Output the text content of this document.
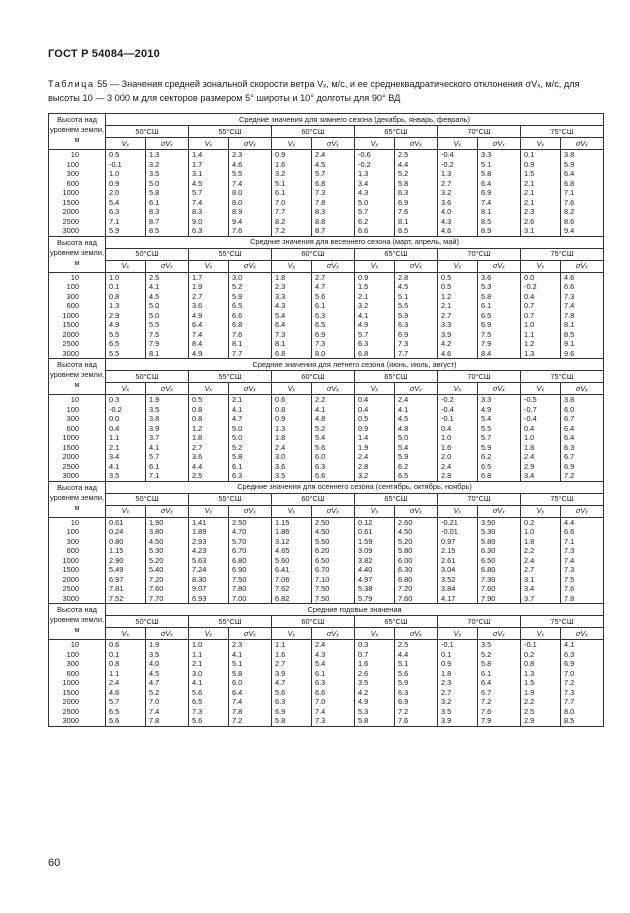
ГОСТ Р 54084—2010
Таблица 55 — Значения средней зональной скорости ветра Vₓ, м/с, и ее среднеквадратического отклонения σVₓ, м/с, для высоты 10 — 3 000 м для секторов размером 5° широты и 10° долготы для 90° ВД
Высота над уровнем земли, м	Средние значения для зимнего сезона (декабрь, январь, февраль)											
	50°СШ		55°СШ		60°СШ		65°СШ		70°СШ		75°СШ	
	Vₓ	σVₓ	Vₓ	σVₓ	Vₓ	σVₓ	Vₓ	σVₓ	Vₓ	σVₓ	Vₓ	σVₓ
10	0.5	1.3	1.4	2.3	0.9	2.4	-0.6	2.5	-0.4	3.3	0.1	3.8
100	-0.1	3.2	1.7	4.6	1.6	4.5	-0.2	4.4	-0.2	5.1	0.9	5.9
300	1.0	3.5	3.1	5.5	3.2	5.7	1.3	5.2	1.3	5.8	1.5	6.4
600	0.9	5.0	4.5	7.4	5.1	6.8	3.4	5.8	2.7	6.4	2.1	6.8
1000	2.0	5.8	5.7	8.0	6.1	7.3	4.3	6.3	3.2	6.9	2.1	7.1
1500	5.4	6.1	7.4	8.0	7.0	7.8	5.0	6.9	3.6	7.4	2.1	7.6
2000	6.3	8.3	8.3	8.9	7.7	8.3	5.7	7.6	4.0	8.1	2.3	8.2
2500	7.1	8.7	9.0	9.4	8.2	8.8	6.2	8.1	4.3	8.5	2.6	8.6
3000	5.9	8.5	6.3	7.6	7.2	8.7	6.6	8.5	4.6	8.9	3.1	9.4
Высота над уровнем земли, м	Средние значения для весеннего сезона (март, апрель, май)											
	50°СШ		55°СШ		60°СШ		65°СШ		70°СШ		75°СШ	
	Vₓ	σVₓ	Vₓ	σVₓ	Vₓ	σVₓ	Vₓ	σVₓ	Vₓ	σVₓ	Vₓ	σVₓ
10	1.0	2.5	1.7	3.0	1.8	2.7	0.9	2.8	0.5	3.6	0.0	4.6
100	0.1	4.1	1.9	5.2	2.3	4.7	1.5	4.5	0.5	5.3	-0.2	6.6
300	0.8	4.5	2.7	5.9	3.3	5.6	2.1	5.1	1.2	5.8	0.4	7.3
600	1.3	5.0	3.6	6.5	4.3	6.1	3.2	5.5	2.1	6.1	0.7	7.4
1000	2.9	5.0	4.9	6.6	5.4	6.3	4.1	5.9	2.7	6.5	0.7	7.8
1500	4.9	5.5	6.4	6.8	6.4	6.5	4.9	6.3	3.3	6.9	1.0	8.1
2000	5.5	7.5	7.4	7.6	7.3	6.9	5.7	6.9	3.9	7.5	1.1	8.5
2500	6.5	7.9	8.4	8.1	8.1	7.3	6.3	7.3	4.2	7.9	1.2	9.1
3000	5.5	8.1	4.9	7.7	6.8	8.0	6.8	7.7	4.6	8.4	1.3	9.6
Высота над уровнем земли, м	Средние значения для летнего сезона (июнь, июль, август)											
	50°СШ		55°СШ		60°СШ		65°СШ		70°СШ		75°СШ	
	Vₓ	σVₓ	Vₓ	σVₓ	Vₓ	σVₓ	Vₓ	σVₓ	Vₓ	σVₓ	Vₓ	σVₓ
10	0.3	1.9	0.5	2.1	0.6	2.2	0.4	2.4	-0.2	3.3	-0.5	3.8
100	-0.2	3.5	0.8	4.1	0.8	4.1	0.4	4.1	-0.4	4.9	-0.7	6.0
300	0.0	3.8	0.8	4.7	0.9	4.8	0.5	4.5	-0.1	5.4	-0.4	6.7
600	0.4	3.9	1.2	5.0	1.3	5.2	0.9	4.8	0.4	5.5	0.4	6.4
1000	1.1	3.7	1.8	5.0	1.8	5.4	1.4	5.0	1.0	5.7	1.0	6.4
1500	2.1	4.1	2.7	5.2	2.4	5.6	1.9	5.4	1.6	5.9	1.8	6.3
2000	3.4	5.7	3.6	5.8	3.0	6.0	2.4	5.9	2.0	6.2	2.4	6.7
2500	4.1	6.1	4.4	6.1	3.6	6.3	2.8	6.2	2.4	6.5	2.9	6.9
3000	3.5	7.1	2.5	6.3	3.5	6.6	3.2	6.5	2.8	6.8	3.4	7.2
Высота над уровнем земли, м	Средние значения для осеннего сезона (сентябрь, октябрь, ноябрь)											
	50°СШ		55°СШ		60°СШ		65°СШ		70°СШ		75°СШ	
	Vₓ	σVₓ	Vₓ	σVₓ	Vₓ	σVₓ	Vₓ	σVₓ	Vₓ	σVₓ	Vₓ	σVₓ
10	0.61	1.90	1.41	2.50	1.15	2.50	0.12	2.60	-0.21	3.50	0.2	4.4
100	0.24	3.80	1.89	4.70	1.86	4.50	0.61	4.50	-0.01	5.30	1.0	6.6
300	0.80	4.50	2.93	5.70	3.12	5.50	1.59	5.20	0.97	5.80	1.8	7.1
600	1.15	5.30	4.23	6.70	4.65	6.20	3.09	5.80	2.15	6.30	2.2	7.3
1000	2.90	5.20	5.63	6.80	5.60	6.50	3.82	6.00	2.61	6.50	2.4	7.4
1500	5.49	5.40	7.24	6.90	6.41	6.70	4.40	6.30	3.04	6.80	2.7	7.3
2000	6.97	7.20	8.30	7.50	7.06	7.10	4.97	6.80	3.52	7.30	3.1	7.5
2500	7.81	7.60	9.07	7.80	7.62	7.50	5.38	7.20	3.84	7.60	3.4	7.6
3000	7.52	7.70	6.93	7.00	6.82	7.50	5.79	7.60	4.17	7.90	3.7	7.8
Высота над уровнем земли, м	Средние годовые значения											
	50°СШ		55°СШ		60°СШ		65°СШ		70°СШ		75°СШ	
	Vₓ	σVₓ	Vₓ	σVₓ	Vₓ	σVₓ	Vₓ	σVₓ	Vₓ	σVₓ	Vₓ	σVₓ
10	0.6	1.9	1.0	2.3	1.1	2.4	0.3	2.5	-0.1	3.5	-0.1	4.1
100	0.1	3.5	1.1	4.1	1.6	4.3	0.7	4.4	0.1	5.2	0.2	6.3
300	0.8	4.0	2.1	5.1	2.7	5.4	1.6	5.1	0.9	5.8	0.8	6.9
600	1.1	4.5	3.0	5.8	3.9	6.1	2.6	5.6	1.8	6.1	1.3	7.0
1000	2.4	4.7	4.1	6.0	4.7	6.3	3.5	5.9	2.3	6.4	1.5	7.2
1500	4.6	5.2	5.6	6.4	5.6	6.6	4.2	6.3	2.7	6.7	1.9	7.3
2000	5.7	7.0	6.5	7.4	6.3	7.0	4.9	6.9	3.2	7.2	2.2	7.7
2500	6.5	7.4	7.3	7.8	6.9	7.4	5.3	7.2	3.5	7.6	2.5	8.0
3000	5.6	7.8	5.6	7.2	5.8	7.3	5.8	7.6	3.9	7.9	2.9	8.5
60
